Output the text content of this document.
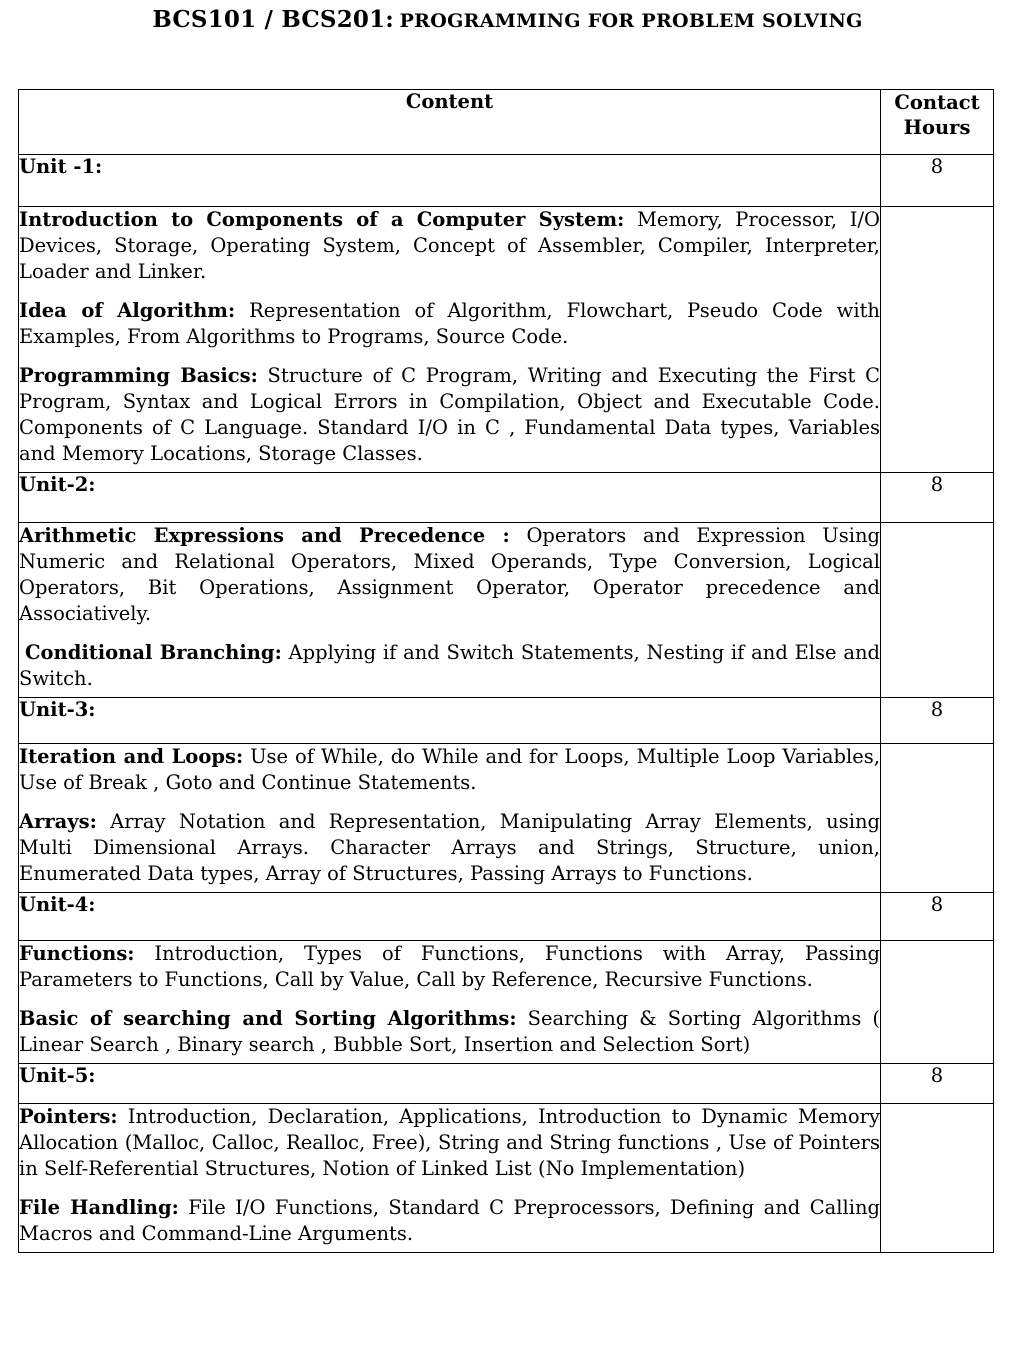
BCS101 / BCS201: PROGRAMMING FOR PROBLEM SOLVING
Content	Contact
Hours
Unit -1:	8

Introduction to Components of a Computer System: Memory, Processor, I/O Devices, Storage, Operating System, Concept of Assembler, Compiler, Interpreter, Loader and Linker.

Idea of Algorithm: Representation of Algorithm, Flowchart, Pseudo Code with Examples, From Algorithms to Programs, Source Code.

Programming Basics: Structure of C Program, Writing and Executing the First C Program, Syntax and Logical Errors in Compilation, Object and Executable Code. Components of C Language. Standard I/O in C , Fundamental Data types, Variables and Memory Locations, Storage Classes.	

Unit-2:	8

Arithmetic Expressions and Precedence : Operators and Expression Using Numeric and Relational Operators, Mixed Operands, Type Conversion, Logical Operators, Bit Operations, Assignment Operator, Operator precedence and Associatively.

Conditional Branching: Applying if and Switch Statements, Nesting if and Else and Switch.	

Unit-3:	8

Iteration and Loops: Use of While, do While and for Loops, Multiple Loop Variables, Use of Break , Goto and Continue Statements.

Arrays: Array Notation and Representation, Manipulating Array Elements, using Multi Dimensional Arrays. Character Arrays and Strings, Structure, union, Enumerated Data types, Array of Structures, Passing Arrays to Functions.	

Unit-4:	8

Functions: Introduction, Types of Functions, Functions with Array, Passing Parameters to Functions, Call by Value, Call by Reference, Recursive Functions.

Basic of searching and Sorting Algorithms: Searching & Sorting Algorithms ( Linear Search , Binary search , Bubble Sort, Insertion and Selection Sort)	

Unit-5:	8

Pointers: Introduction, Declaration, Applications, Introduction to Dynamic Memory Allocation (Malloc, Calloc, Realloc, Free), String and String functions , Use of Pointers in Self-Referential Structures, Notion of Linked List (No Implementation)

File Handling: File I/O Functions, Standard C Preprocessors, Defining and Calling Macros and Command-Line Arguments.	
